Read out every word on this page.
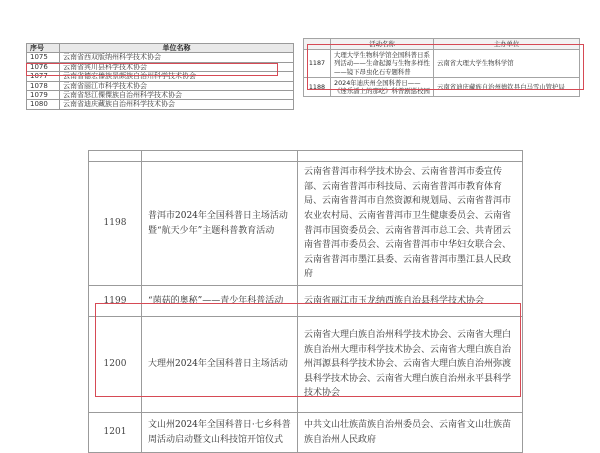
序号	单位名称
1075	云南省西双版纳州科学技术协会
1076	云南省宾川县科学技术协会
1077	云南省德宏傣族景颇族自治州科学技术协会
1078	云南省丽江市科学技术协会
1079	云南省怒江傈僳族自治州科学技术协会
1080	云南省迪庆藏族自治州科学技术协会
	活动名称	主办单位
1187	大理大学生物科学馆全国科普日系列活动——生命起源与生物多样性——镜下昂虫化石专题科普	云南省大理大学生物科学馆
1188	2024年迪庆州全国科普日——《迷乐潘上的那吃》科普剧巡校园	云南省迪庆藏族自治州德钦县白马雪山管护局

1198	普洱市2024年全国科普日主场活动暨“航天少年”主题科普教育活动	云南省普洱市科学技术协会、云南省普洱市委宣传部、云南省普洱市科技局、云南省普洱市教育体育局、云南省普洱市自然资源和规划局、云南省普洱市农业农村局、云南省普洱市卫生健康委员会、云南省普洱市国资委员会、云南省普洱市总工会、共青团云南省普洱市委员会、云南省普洱市中华妇女联合会、云南省普洱市墨江县委、云南省普洱市墨江县人民政府
1199	“菌菇的奥秘”——青少年科普活动	云南省丽江市玉龙纳西族自治县科学技术协会
1200	大理州2024年全国科普日主场活动	云南省大理白族自治州科学技术协会、云南省大理白族自治州大理市科学技术协会、云南省大理白族自治州洱源县科学技术协会、云南省大理白族自治州弥渡县科学技术协会、云南省大理白族自治州永平县科学技术协会
1201	文山州2024年全国科普日·七乡科普周活动启动暨文山科技馆开馆仪式	中共文山壮族苗族自治州委员会、云南省文山壮族苗族自治州人民政府
